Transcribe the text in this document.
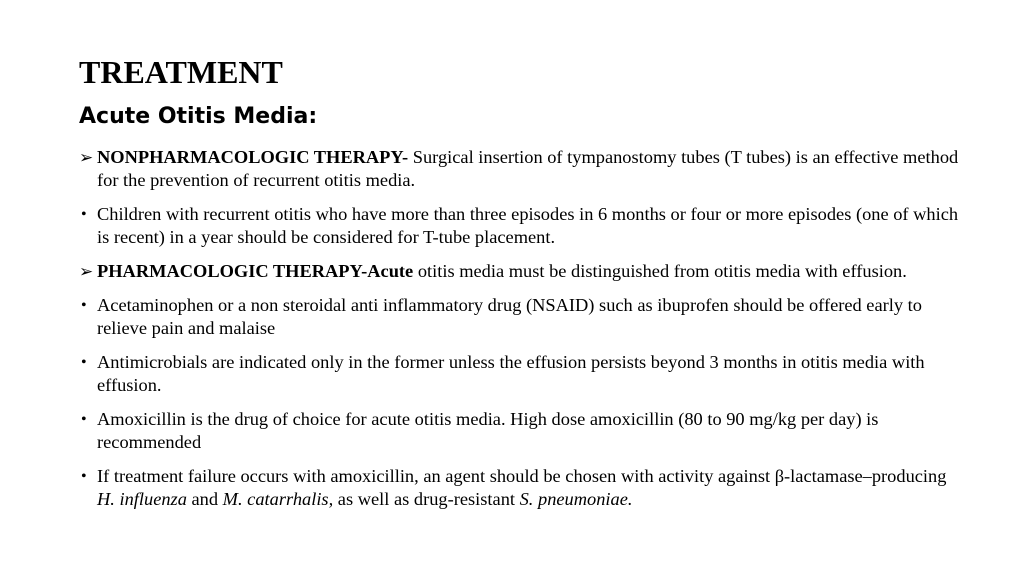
TREATMENT
Acute Otitis Media:
➢ NONPHARMACOLOGIC THERAPY- Surgical insertion of tympanostomy tubes (T tubes) is an effective method for the prevention of recurrent otitis media.
• Children with recurrent otitis who have more than three episodes in 6 months or four or more episodes (one of which is recent) in a year should be considered for T-tube placement.
➢ PHARMACOLOGIC THERAPY-Acute otitis media must be distinguished from otitis media with effusion.
• Acetaminophen or a non steroidal anti inflammatory drug (NSAID) such as ibuprofen should be offered early to relieve pain and malaise
• Antimicrobials are indicated only in the former unless the effusion persists beyond 3 months in otitis media with effusion.
• Amoxicillin is the drug of choice for acute otitis media. High dose amoxicillin (80 to 90 mg/kg per day) is recommended
• If treatment failure occurs with amoxicillin, an agent should be chosen with activity against β-lactamase–producing H. influenza and M. catarrhalis, as well as drug-resistant S. pneumoniae.
